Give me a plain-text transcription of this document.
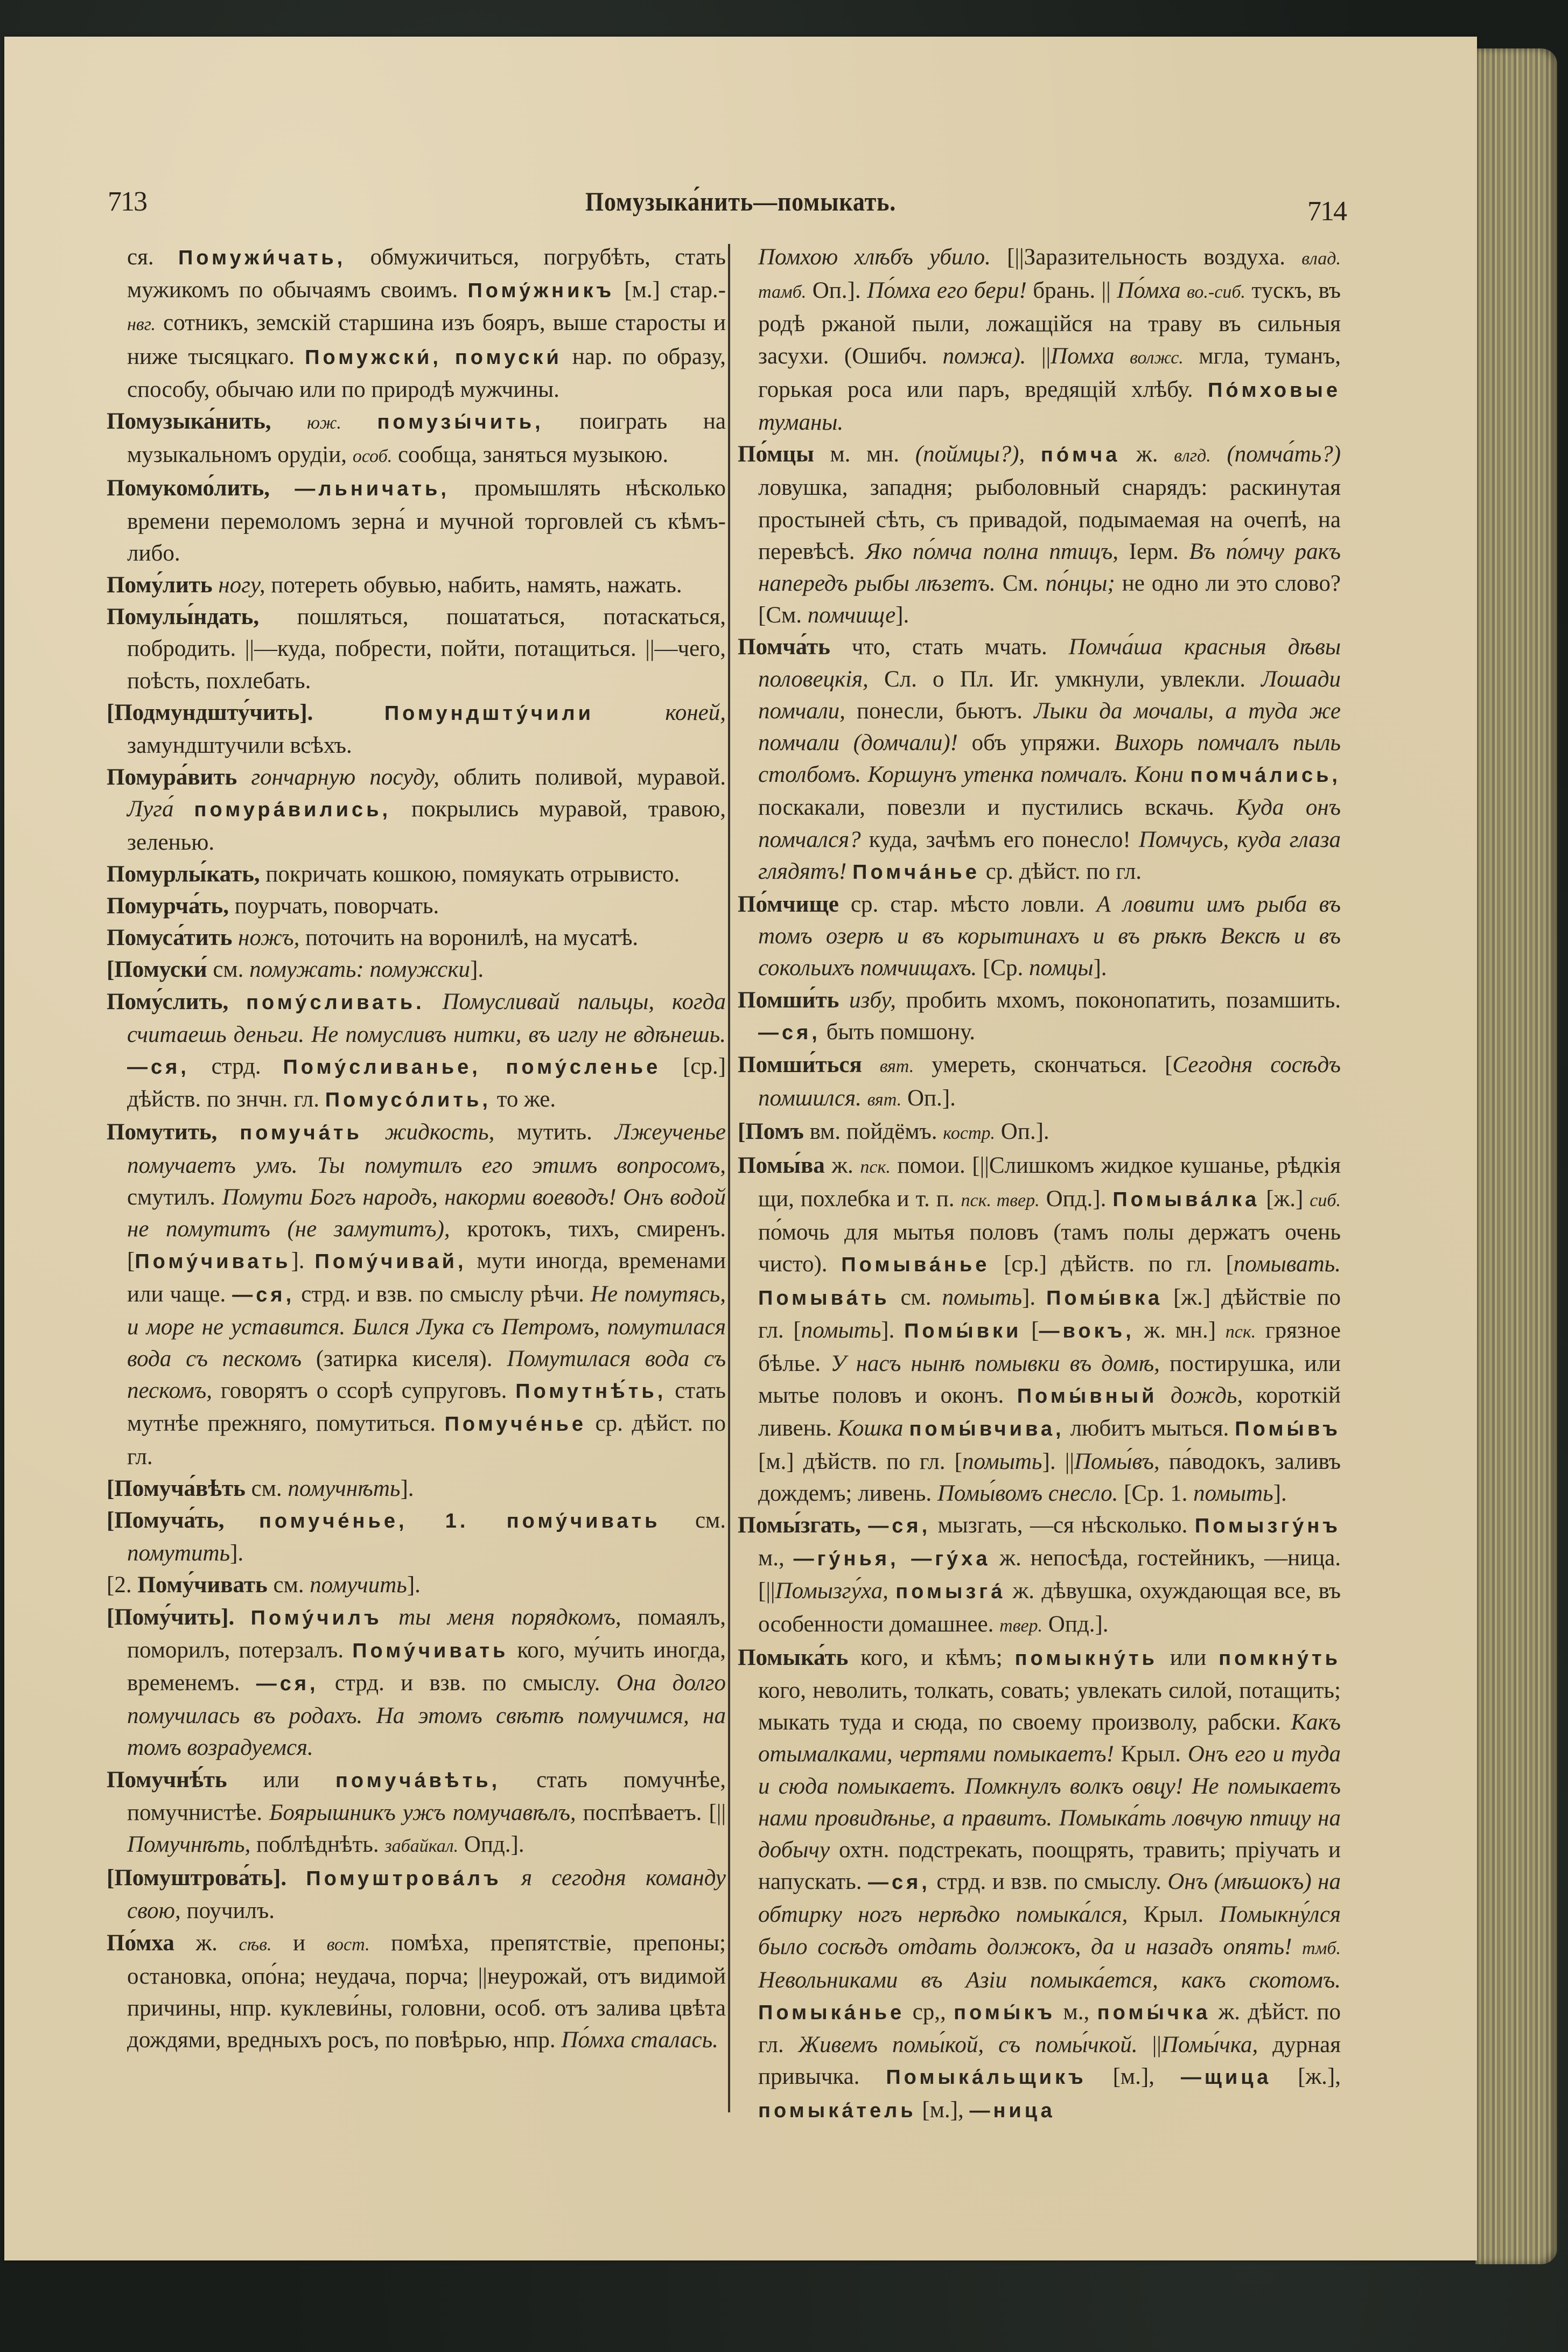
713	Помузыка́нить—помыкать.	714

ся. Помужи́чать, обмужичиться, погрубѣть, стать мужикомъ по обычаямъ своимъ. Пому́жникъ [м.] стар.-нвг. сотникъ, земскій старшина изъ бояръ, выше старосты и ниже тысяцкаго. Помужски́, помуски́ нар. по образу, способу, обычаю или по природѣ мужчины.

Помузыка́нить, юж. помузы́чить, поиграть на музыкальномъ орудіи, особ. сообща, заняться музыкою.

Помукомо́лить, —льничать, промышлять нѣсколько времени перемоломъ зерна́ и мучной торговлей съ кѣмъ-либо.

Пому́лить ногу, потереть обувью, набить, намять, нажать.

Помулы́ндать, пошляться, пошататься, потаскаться, побродить. ||—куда, побрести, пойти, потащиться. ||—чего, поѣсть, похлебать.

[Подмундшту́чить].	Помундшту́чили	коней, замундштучили всѣхъ.

Помура́вить гончарную посуду, облить поливой, муравой. Луга́ помура́вились, покрылись муравой, травою, зеленью.

Помурлы́кать, покричать кошкою, помяукать отрывисто.

Помурча́ть, поурчать, поворчать.

Помуса́тить ножъ, поточить на воронилѣ, на мусатѣ.

[Помуски́ см. помужать: помужски].

Пому́слить, пому́сливать. Помусливай пальцы, когда считаешь деньги. Не помусливъ нитки, въ иглу не вдѣнешь. —ся, стрд. Пому́сливанье, пому́сленье [ср.] дѣйств. по знчн. гл. Помусо́лить, то же.

Помутить, помуча́ть жидкость, мутить. Лжеученье помучаетъ умъ. Ты помутилъ его этимъ вопросомъ, смутилъ. Помути Богъ народъ, накорми воеводъ! Онъ водой не помутитъ (не замутитъ), кротокъ, тихъ, смиренъ. [Пому́чивать]. Пому́чивай, мути иногда, временами или чаще. —ся, стрд. и взв. по смыслу рѣчи. Не помутясь, и море не уставится. Бился Лука съ Петромъ, помутилася вода съ пескомъ (затирка киселя). Помутилася вода съ пескомъ, говорятъ о ссорѣ супруговъ. Помутнѣ́ть, стать мутнѣе прежняго, помутиться. Помуче́нье ср. дѣйст. по гл.

[Помуча́вѣть см. помучнѣть].

[Помуча́ть, помуче́нье, 1. пому́чивать см. помутить].

[2. Пому́чивать см. помучить].

[Пому́чить]. Пому́чилъ ты меня порядкомъ, помаялъ, поморилъ, потерзалъ. Пому́чивать кого, му́чить иногда, временемъ. —ся, стрд. и взв. по смыслу. Она долго помучилась въ родахъ. На этомъ свѣтѣ помучимся, на томъ возрадуемся.

Помучнѣ́ть или помуча́вѣть, стать помучнѣе, помучнистѣе. Боярышникъ ужъ помучавѣлъ, поспѣваетъ. [||Помучнѣть, поблѣднѣть. забайкал. Опд.].

[Помуштрова́ть]. Помуштрова́лъ я сегодня команду свою, поучилъ.

По́мха ж. сѣв. и вост. помѣха, препятствіе, препоны; остановка, опо́на; неудача, порча; ||неурожай, отъ видимой причины, нпр. куклеви́ны, головни, особ. отъ залива цвѣта дождями, вредныхъ росъ, по повѣрью, нпр. По́мха сталась.

Помхою хлѣбъ убило. [||Заразительность воздуха. влад. тамб. Оп.]. По́мха его бери! брань. || По́мха во.-сиб. тускъ, въ родѣ ржаной пыли, ложащійся на траву въ сильныя засухи. (Ошибч. помжа). ||Помха волжс. мгла, туманъ, горькая роса или паръ, вредящій хлѣбу. По́мховые туманы.

По́мцы м. мн. (поймцы?), по́мча ж. влгд. (помча́ть?) ловушка, западня; рыболовный снарядъ: раскинутая простыней сѣть, съ привадой, подымаемая на очепѣ, на перевѣсѣ. Яко по́мча полна птицъ, Іерм. Въ по́мчу ракъ напередъ рыбы лѣзетъ. См. по́нцы; не одно ли это слово? [См. помчище].

Помча́ть что, стать мчать. Помча́ша красныя дѣвы половецкія, Сл. о Пл. Иг. умкнули, увлекли. Лошади помчали, понесли, бьютъ. Лыки да мочалы, а туда же помчали (домчали)! объ упряжи. Вихорь помчалъ пыль столбомъ. Коршунъ утенка помчалъ. Кони помча́лись, поскакали, повезли и пустились вскачь. Куда онъ помчался? куда, зачѣмъ его понесло! Помчусь, куда глаза глядятъ! Помча́нье ср. дѣйст. по гл.

По́мчище ср. стар. мѣсто ловли. А ловити имъ рыба въ томъ озерѣ и въ корытинахъ и въ рѣкѣ Вексѣ и въ сокольихъ помчищахъ. [Ср. помцы].

Помши́ть избу, пробить мхомъ, поконопатить, позамшить. —ся, быть помшону.

Помши́ться вят. умереть, скончаться. [Сегодня сосѣдъ помшился. вят. Оп.].

[Помъ вм. пойдёмъ. костр. Оп.].

Помы́ва ж. пск. помои. [||Слишкомъ жидкое кушанье, рѣдкія щи, похлебка и т. п. пск. твер. Опд.]. Помыва́лка [ж.] сиб. по́мочь для мытья половъ (тамъ полы держатъ очень чисто). Помыва́нье [ср.] дѣйств. по гл. [помывать. Помыва́ть см. помыть]. Помы́вка [ж.] дѣйствіе по гл. [помыть]. Помы́вки [—вокъ, ж. мн.] пск. грязное бѣлье. У насъ нынѣ помывки въ домѣ, постирушка, или мытье половъ и оконъ. Помы́вный дождь, короткій ливень. Кошка помы́вчива, любитъ мыться. Помы́въ [м.] дѣйств. по гл. [помыть]. ||Помы́въ, па́водокъ, заливъ дождемъ; ливень. Помы́вомъ снесло. [Ср. 1. помыть].

Помы́згать, —ся, мызгать, —ся нѣсколько. Помызгу́нъ м., —гу́нья, —гу́ха ж. непосѣда, гостейникъ, —ница. [||Помызгу́ха, помызга́ ж. дѣвушка, охуждающая все, въ особенности домашнее. твер. Опд.].

Помыка́ть кого, и кѣмъ; помыкну́ть или помкну́ть кого, неволить, толкать, совать; увлекать силой, потащить; мыкать туда и сюда, по своему произволу, рабски. Какъ отымалками, чертями помыкаетъ! Крыл. Онъ его и туда и сюда помыкаетъ. Помкнулъ волкъ овцу! Не помыкаетъ нами провидѣнье, а правитъ. Помыка́ть ловчую птицу на добычу охтн. подстрекать, поощрять, травить; пріучать и напускать. —ся, стрд. и взв. по смыслу. Онъ (мѣшокъ) на обтирку ногъ нерѣдко помыка́лся, Крыл. Помыкну́лся было сосѣдъ отдать должокъ, да и назадъ опять! тмб. Невольниками въ Азіи помыка́ется, какъ скотомъ. Помыка́нье ср,, помы́къ м., помы́чка ж. дѣйст. по гл. Живемъ помы́кой, съ помы́чкой. ||Помы́чка, дурная привычка. Помыка́льщикъ [м.], —щица [ж.], помыка́тель [м.], —ница
